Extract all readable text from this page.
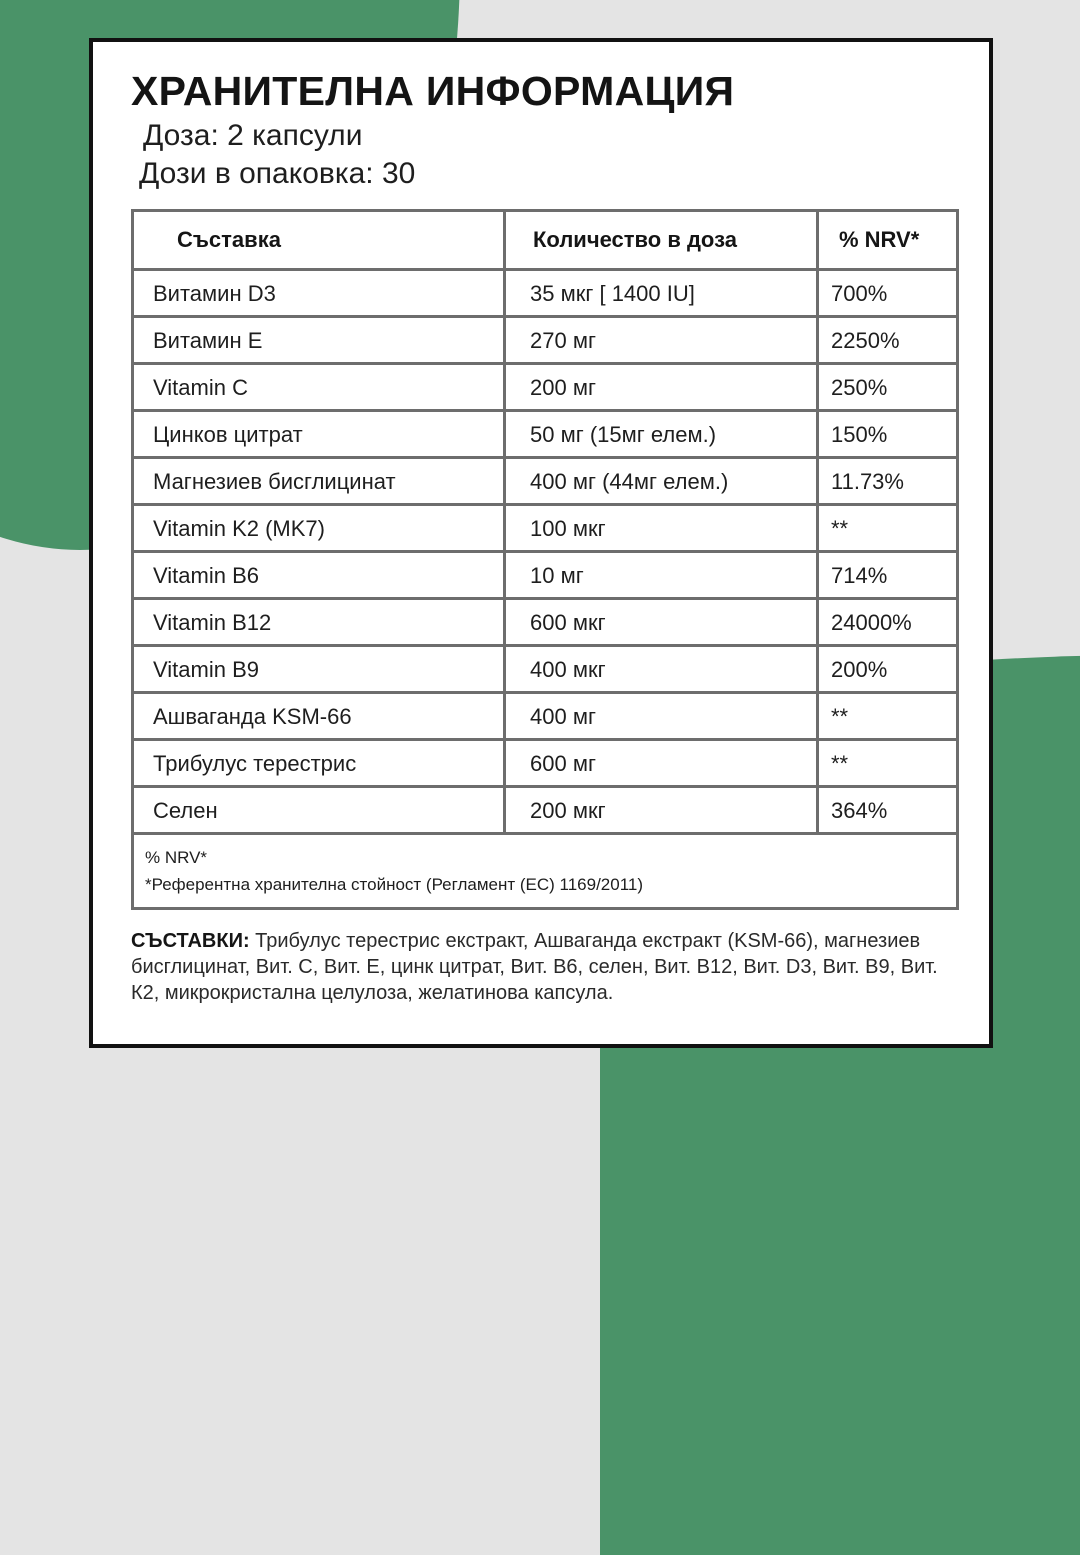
ХРАНИТЕЛНА ИНФОРМАЦИЯ
Доза: 2 капсули
Дози в опаковка: 30
Съставка	Количество в доза	% NRV*
Витамин D3	35 мкг [ 1400 IU]	700%
Витамин Е	270 мг	2250%
Vitamin C	200 мг	250%
Цинков цитрат	50 мг (15мг елем.)	150%
Магнезиев бисглицинат	400 мг (44мг елем.)	11.73%
Vitamin K2 (MK7)	100 мкг	**
Vitamin B6	10 мг	714%
Vitamin B12	600 мкг	24000%
Vitamin B9	400 мкг	200%
Ашваганда KSM-66	400 мг	**
Трибулус терестрис	600 мг	**
Селен	200 мкг	364%
% NRV*
*Референтна хранителна стойност (Регламент (ЕС) 1169/2011)
СЪСТАВКИ: Трибулус терестрис екстракт, Ашваганда екстракт (KSM-66), магнезиев бисглицинат, Вит. С, Вит. Е, цинк цитрат, Вит. В6, селен, Вит. В12, Вит. D3, Вит. В9, Вит. К2, микрокристална целулоза, желатинова капсула.
